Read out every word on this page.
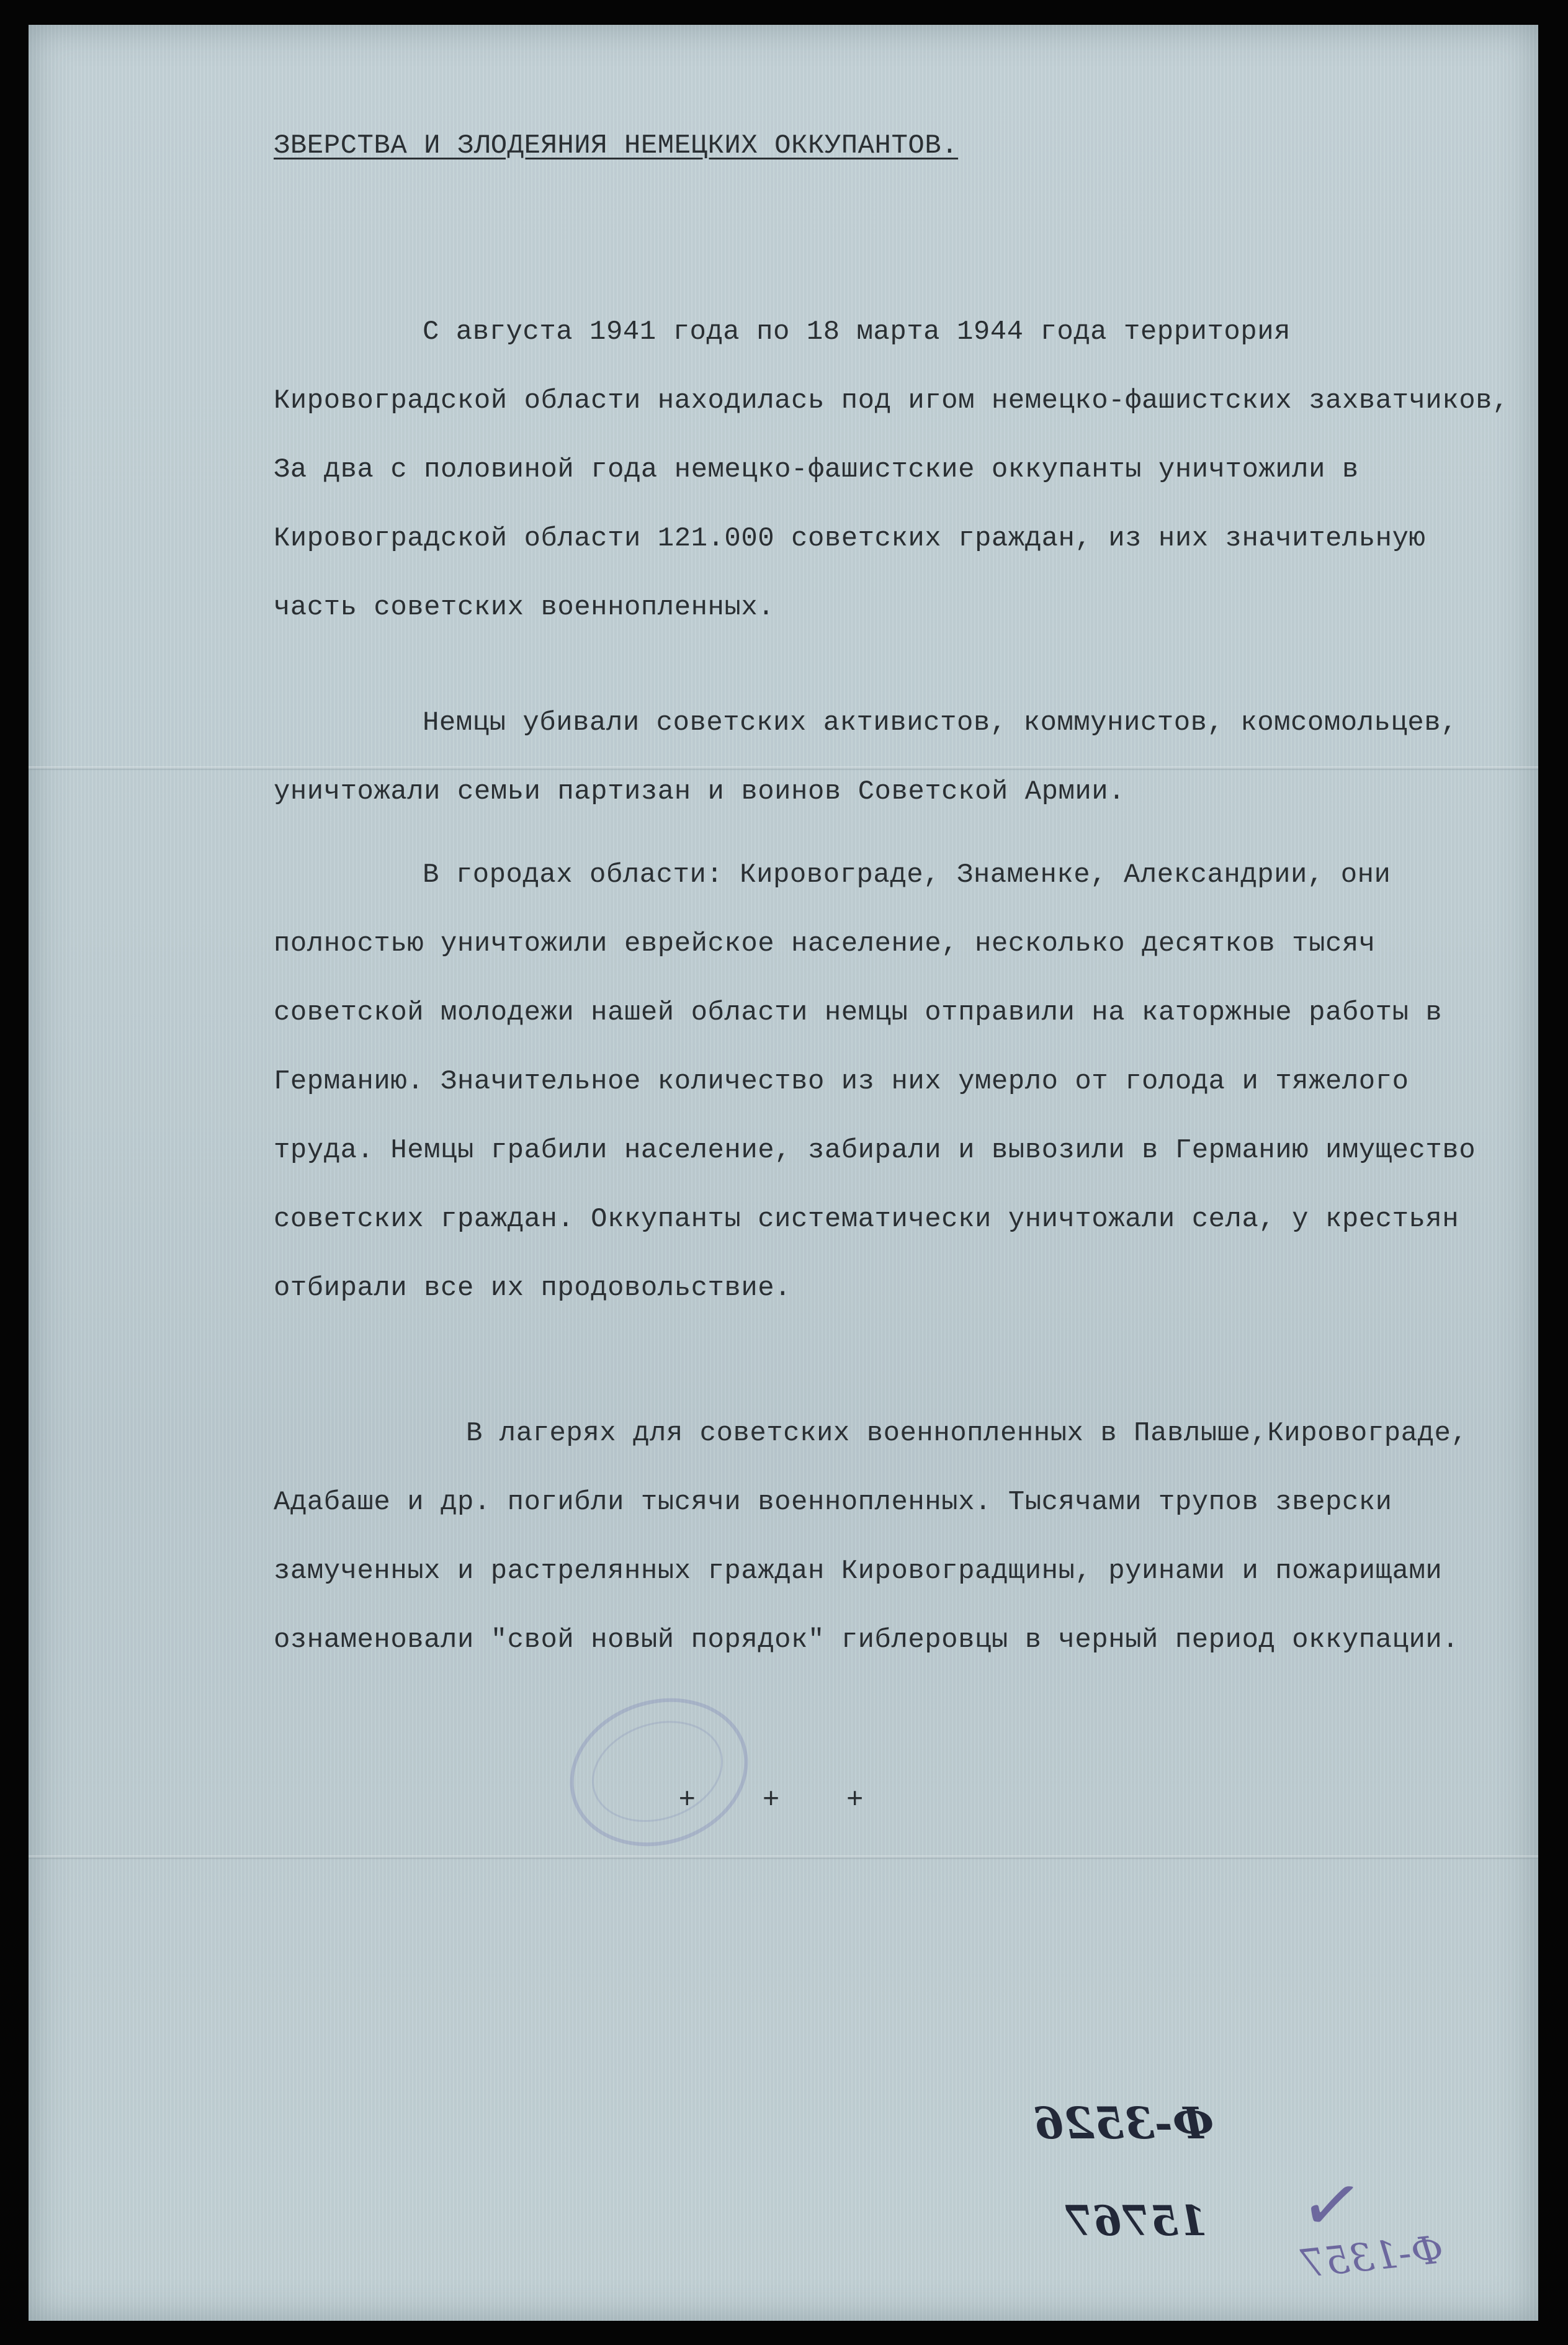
ЗВЕРСТВА И ЗЛОДЕЯНИЯ НЕМЕЦКИХ ОККУПАНТОВ.

С августа 1941 года по 18 марта 1944 года территория Кировоградской области находилась под игом немецко-фашистских захватчиков, За два с половиной года немецко-фашистские оккупанты уничтожили в Кировоградской области 121.000 советских граждан, из них значительную часть советских военнопленных.

Немцы убивали советских активистов, коммунистов, комсомольцев, уничтожали семьи партизан и воинов Советской Армии.

В городах области: Кировограде, Знаменке, Александрии, они полностью уничтожили еврейское население, несколько десятков тысяч советской молодежи нашей области немцы отправили на каторжные работы в Германию. Значительное количество из них умерло от голода и тяжелого труда. Немцы грабили население, забирали и вывозили в Германию имущество советских граждан. Оккупанты систематически уничтожали села, у крестьян отбирали все их продовольствие.

В лагерях для советских военнопленных в Павлыше,Кировограде, Адабаше и др. погибли тысячи военнопленных. Тысячами трупов зверски замученных и растрелянных граждан Кировоградщины, руинами и пожарищами ознаменовали "свой новый порядок" гиблеровцы в черный период оккупации.

+ + +

Ф-3526
15767 ✓
Ф-1357
